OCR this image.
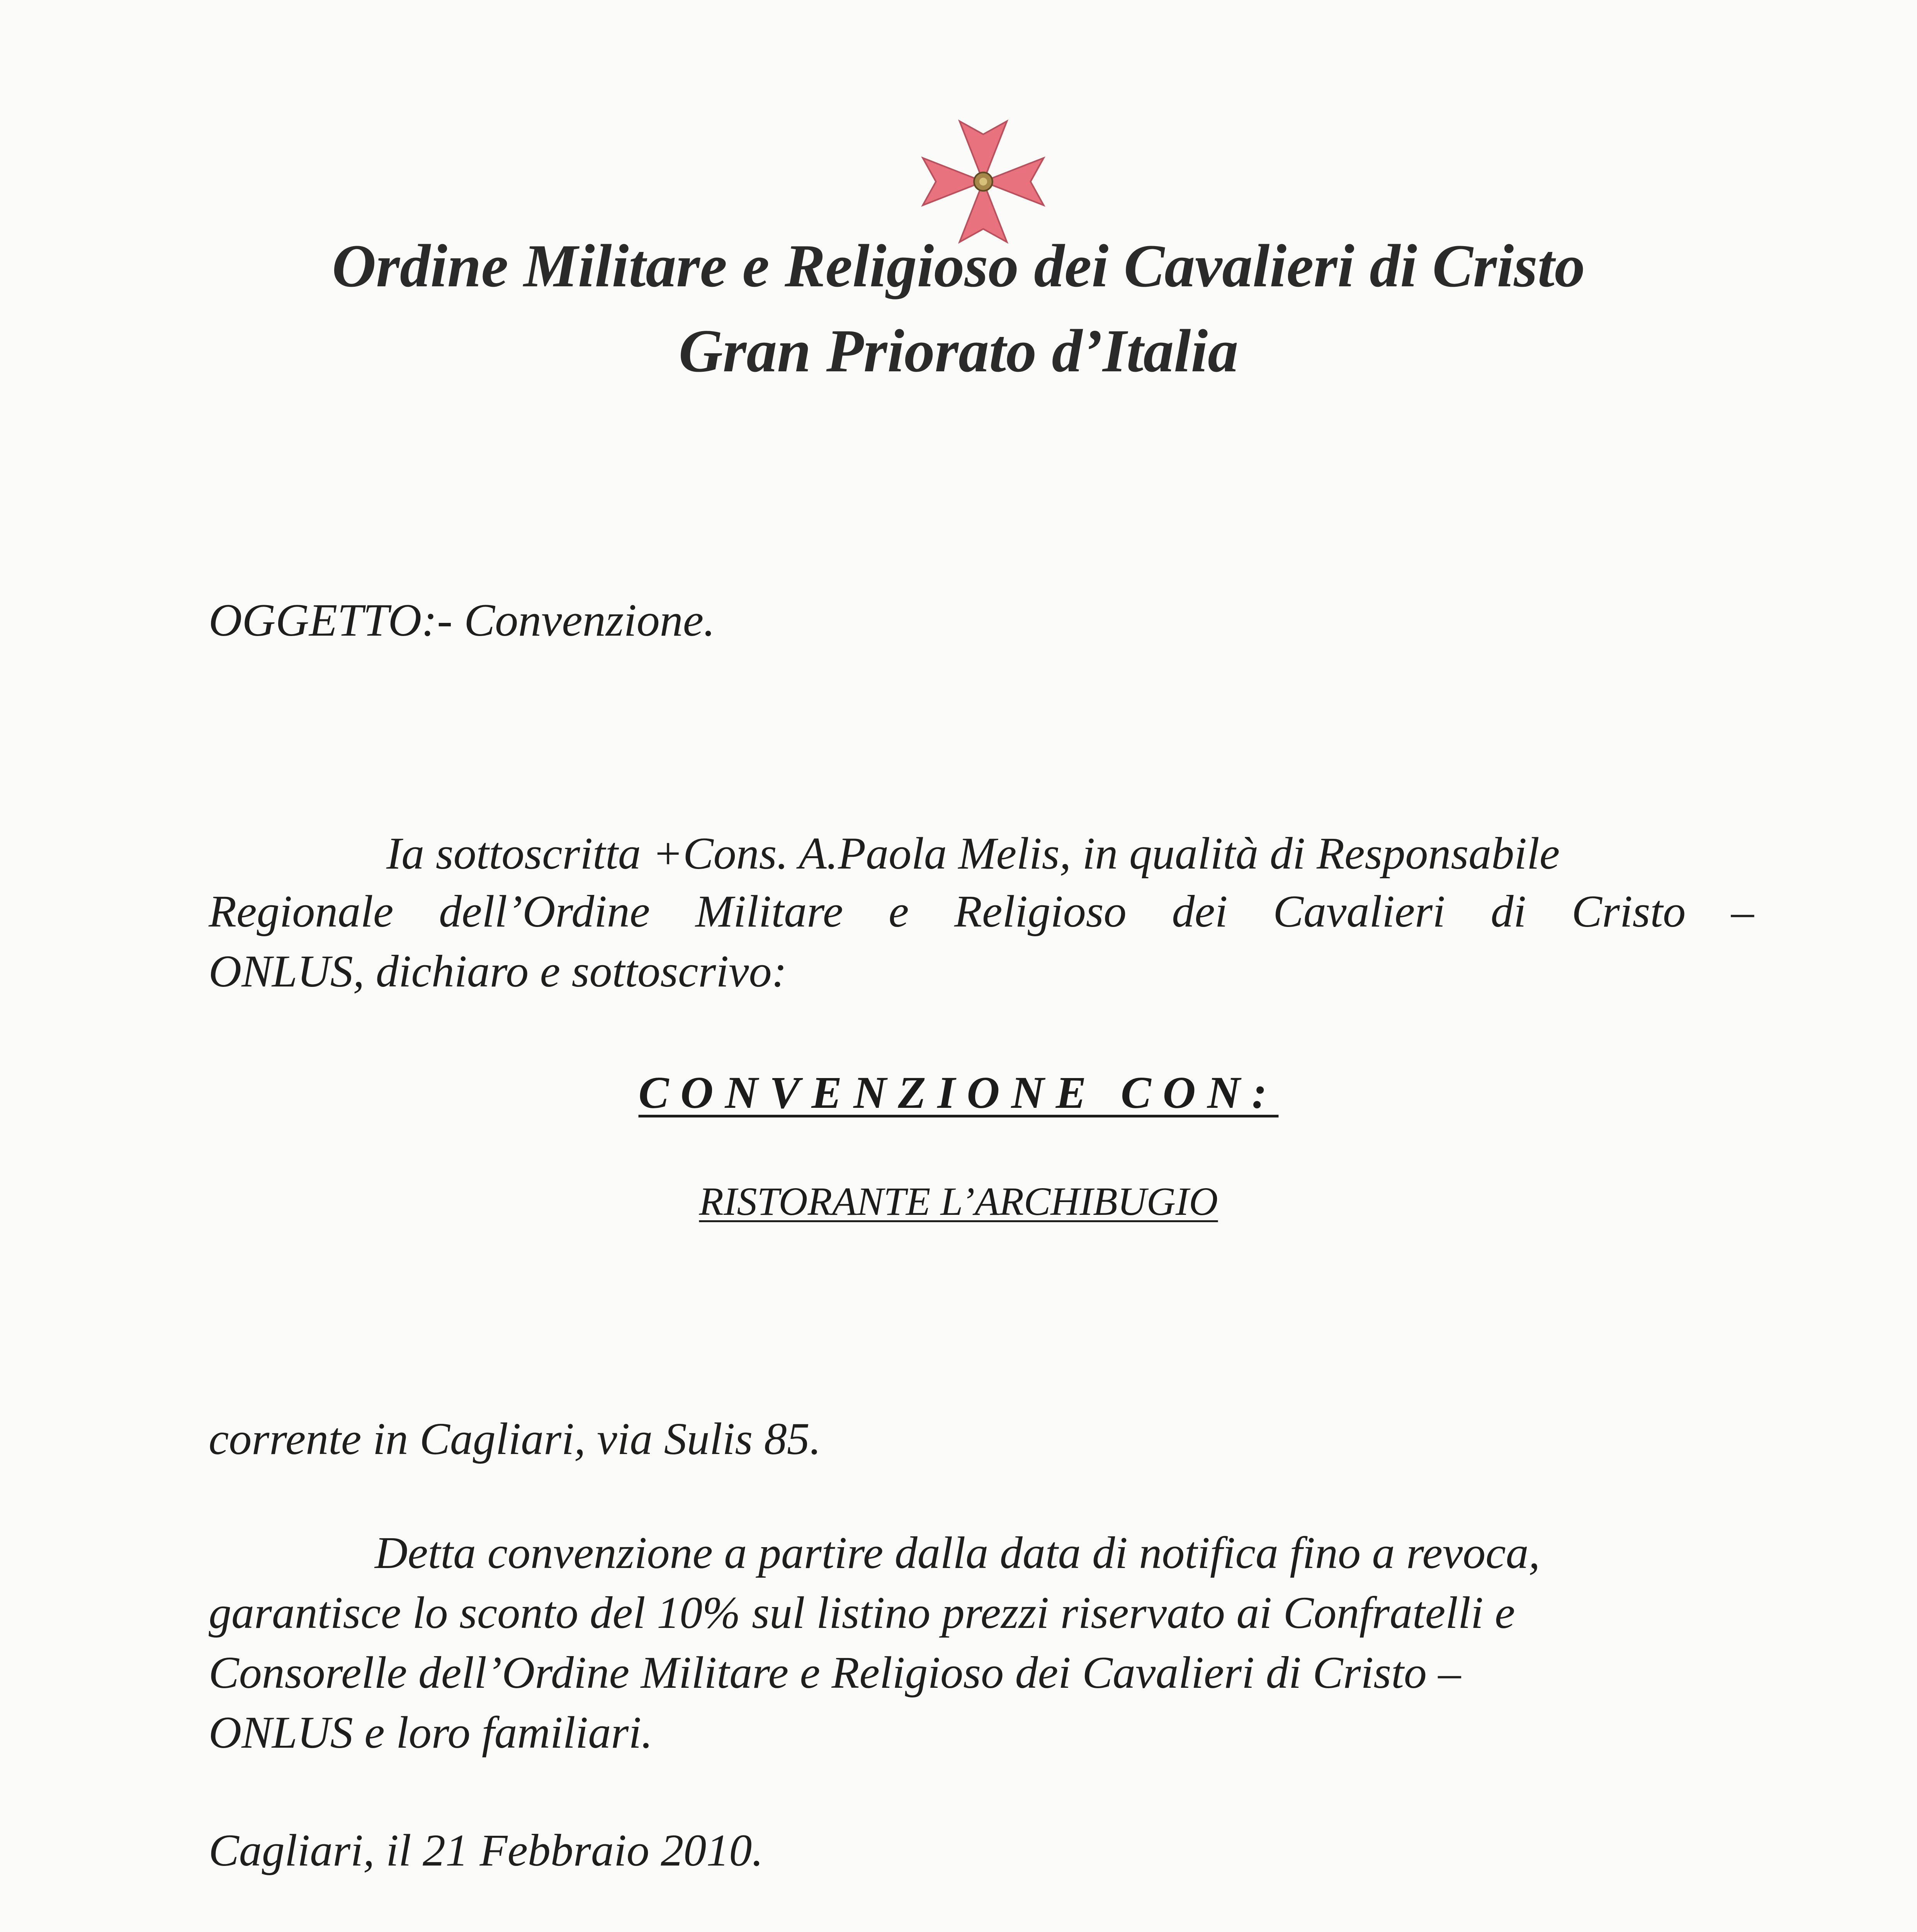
Ordine Militare e Religioso dei Cavalieri di Cristo
Gran Priorato d’Italia
OGGETTO:- Convenzione.
Ia sottoscritta +Cons. A.Paola Melis, in qualità di Responsabile
Regionale dell’Ordine Militare e Religioso dei Cavalieri di Cristo –
ONLUS, dichiaro e sottoscrivo:
CONVENZIONE CON:
RISTORANTE L’ARCHIBUGIO
corrente in Cagliari, via Sulis 85.
Detta convenzione a partire dalla data di notifica fino a revoca,
garantisce lo sconto del 10% sul listino prezzi riservato ai Confratelli e
Consorelle dell’Ordine Militare e Religioso dei Cavalieri di Cristo –
ONLUS e loro familiari.
Cagliari, il 21 Febbraio 2010.
